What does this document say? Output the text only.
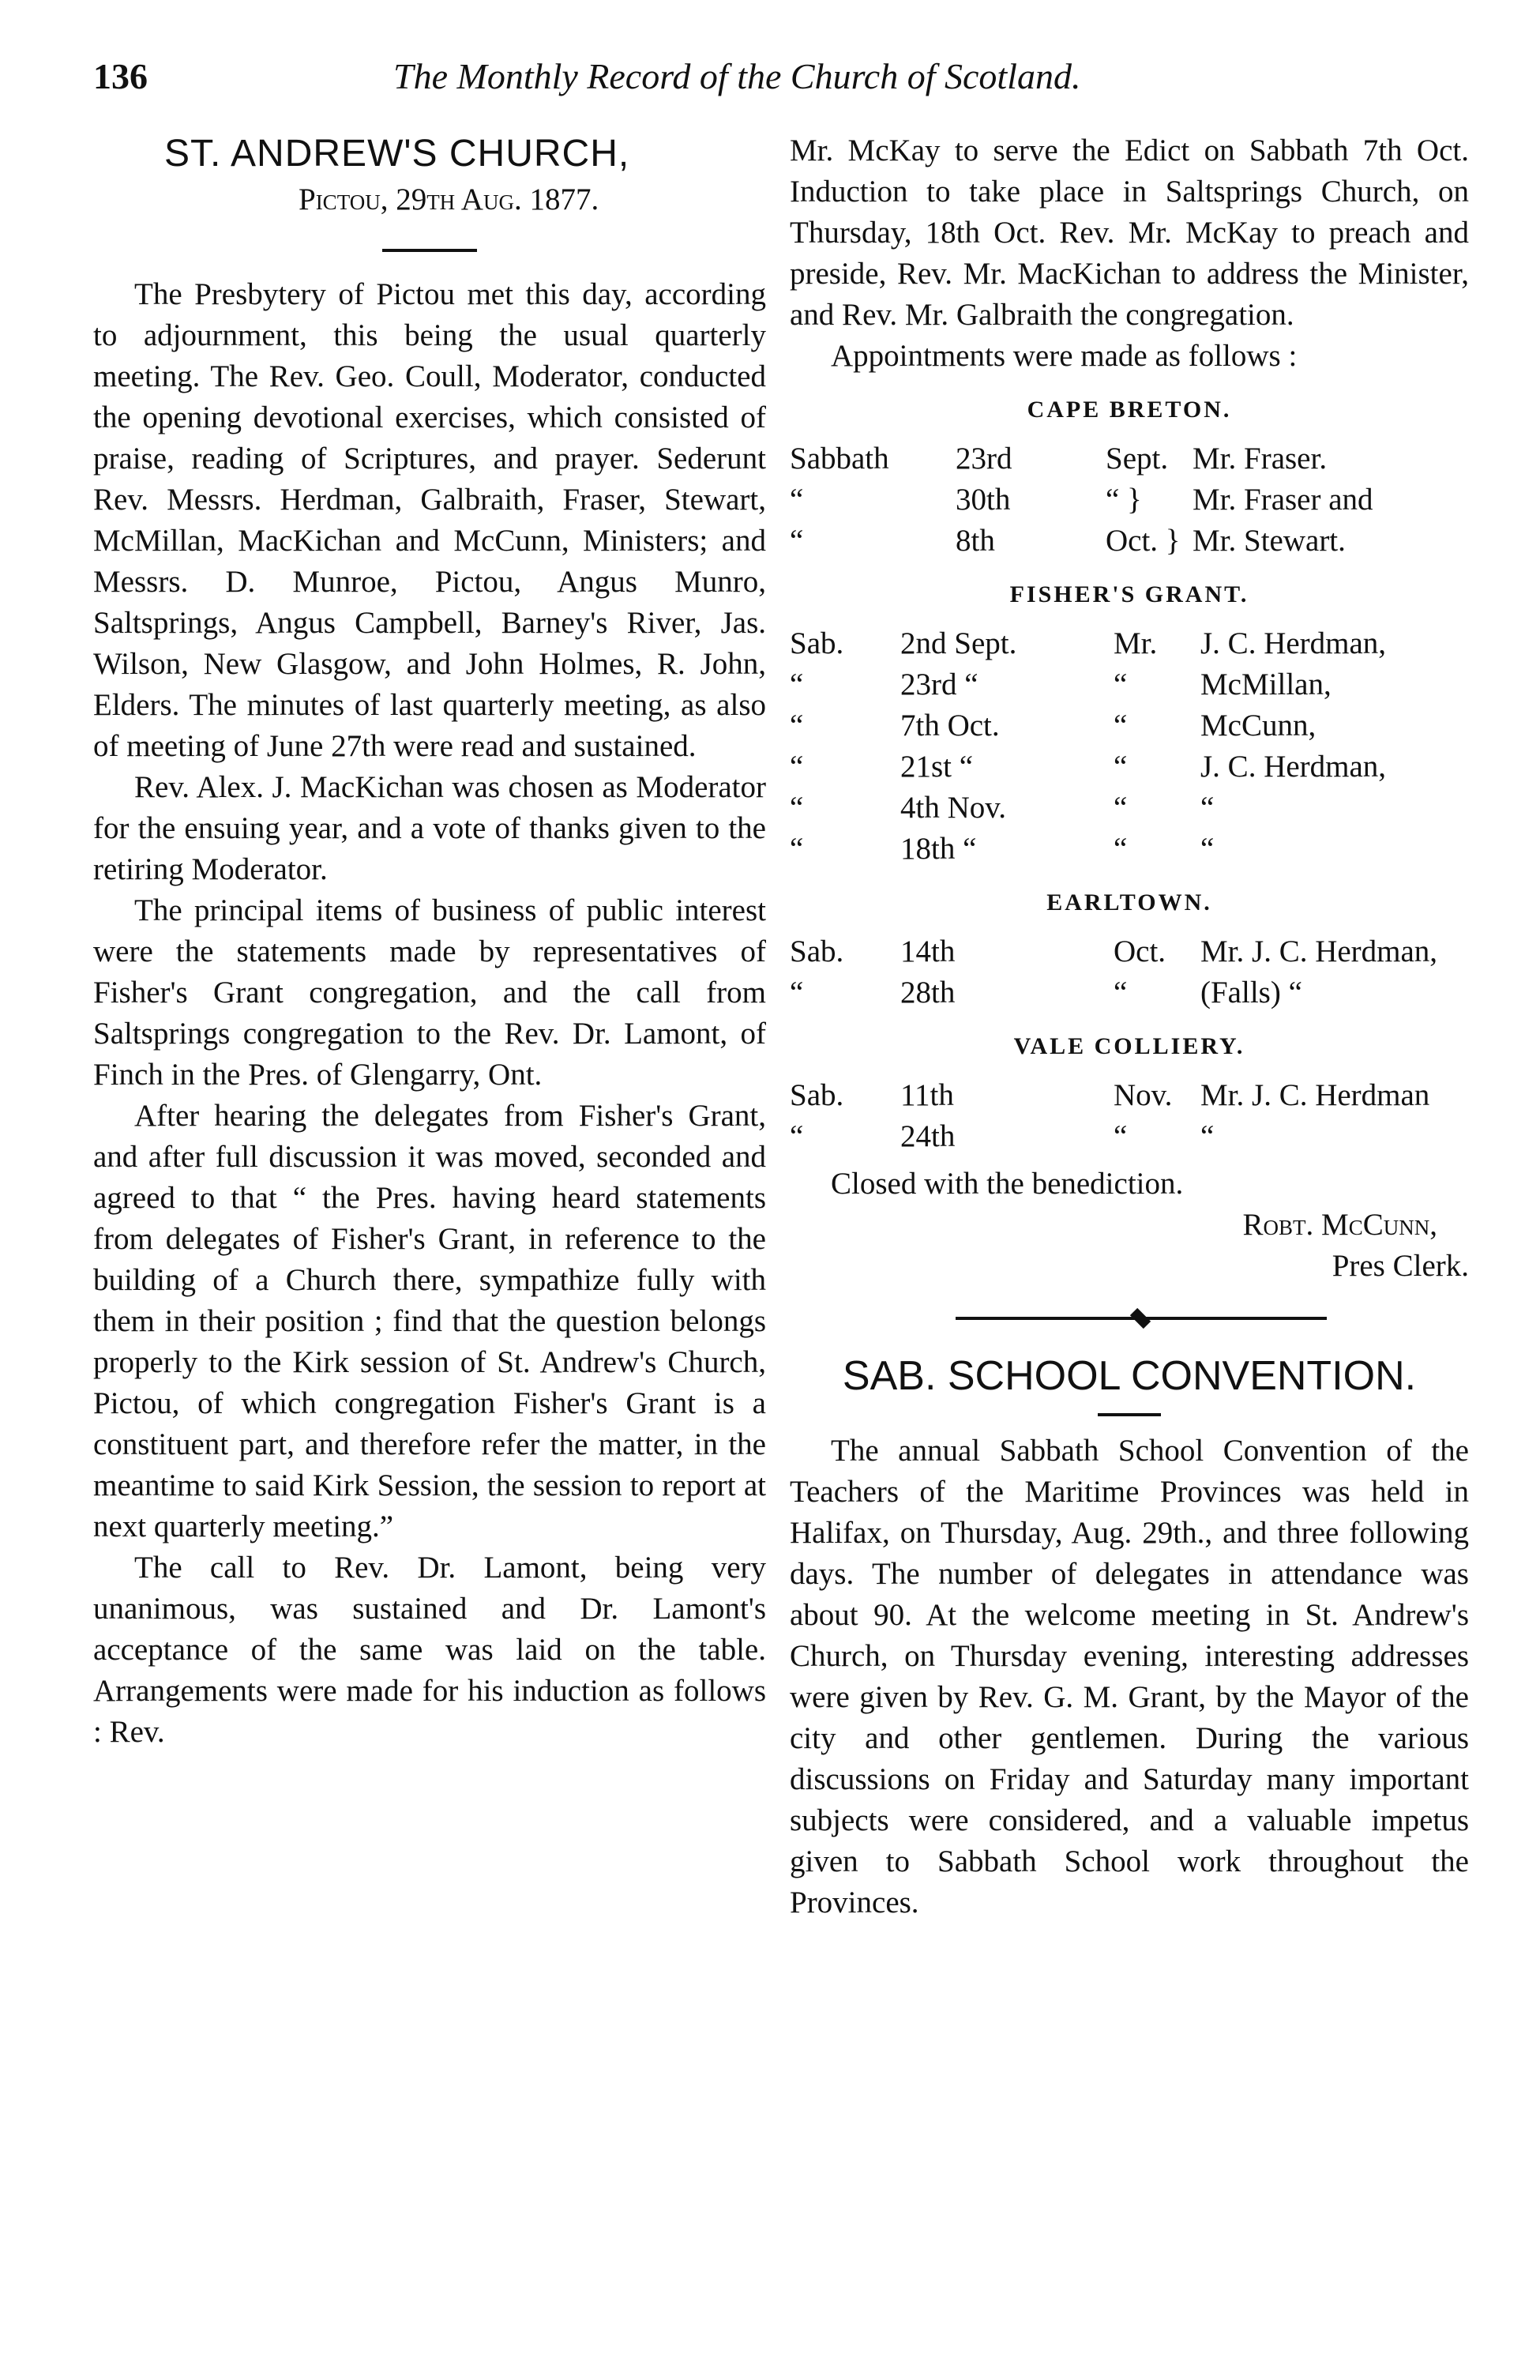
136	The Monthly Record of the Church of Scotland.
ST. ANDREW'S CHURCH,
Pictou, 29th Aug. 1877.

The Presbytery of Pictou met this day, according to adjournment, this being the usual quarterly meeting. The Rev. Geo. Coull, Moderator, conducted the opening devotional exercises, which consisted of praise, reading of Scriptures, and prayer. Sederunt Rev. Messrs. Herdman, Galbraith, Fraser, Stewart, McMillan, MacKichan and McCunn, Ministers; and Messrs. D. Munroe, Pictou, Angus Munro, Saltsprings, Angus Campbell, Barney's River, Jas. Wilson, New Glasgow, and John Holmes, R. John, Elders. The minutes of last quarterly meeting, as also of meeting of June 27th were read and sustained.

Rev. Alex. J. MacKichan was chosen as Moderator for the ensuing year, and a vote of thanks given to the retiring Moderator.

The principal items of business of public interest were the statements made by representatives of Fisher's Grant congregation, and the call from Saltsprings congregation to the Rev. Dr. Lamont, of Finch in the Pres. of Glengarry, Ont.

After hearing the delegates from Fisher's Grant, and after full discussion it was moved, seconded and agreed to that “ the Pres. having heard statements from delegates of Fisher's Grant, in reference to the building of a Church there, sympathize fully with them in their position ; find that the question belongs properly to the Kirk session of St. Andrew's Church, Pictou, of which congregation Fisher's Grant is a constituent part, and therefore refer the matter, in the meantime to said Kirk Session, the session to report at next quarterly meeting.”

The call to Rev. Dr. Lamont, being very unanimous, was sustained and Dr. Lamont's acceptance of the same was laid on the table. Arrangements were made for his induction as follows : Rev.

Mr. McKay to serve the Edict on Sabbath 7th Oct. Induction to take place in Saltsprings Church, on Thursday, 18th Oct. Rev. Mr. McKay to preach and preside, Rev. Mr. MacKichan to address the Minister, and Rev. Mr. Galbraith the congregation.

Appointments were made as follows :

CAPE BRETON.
Sabbath	23rd	Sept. Mr. Fraser.
“	30th	“ }	Mr. Fraser and
“	8th	Oct. } Mr. Stewart.
FISHER'S GRANT.
Sab.	2nd Sept.	Mr.	J. C. Herdman,
“	23rd “	“	McMillan,
“	7th Oct.	“	McCunn,
“	21st “	“	J. C. Herdman,
“	4th Nov.	“	“
“	18th “	“	“
EARLTOWN.
Sab.	14th	Oct.	Mr. J. C. Herdman,
“	28th	“	(Falls) “
VALE COLLIERY.
Sab.	11th	Nov. Mr. J. C. Herdman
“	24th	“	“

Closed with the benediction.

Robt. McCunn,
Pres Clerk.
SAB. SCHOOL CONVENTION.

The annual Sabbath School Convention of the Teachers of the Maritime Provinces was held in Halifax, on Thursday, Aug. 29th., and three following days. The number of delegates in attendance was about 90. At the welcome meeting in St. Andrew's Church, on Thursday evening, interesting addresses were given by Rev. G. M. Grant, by the Mayor of the city and other gentlemen. During the various discussions on Friday and Saturday many important subjects were considered, and a valuable impetus given to Sabbath School work throughout the Provinces.
